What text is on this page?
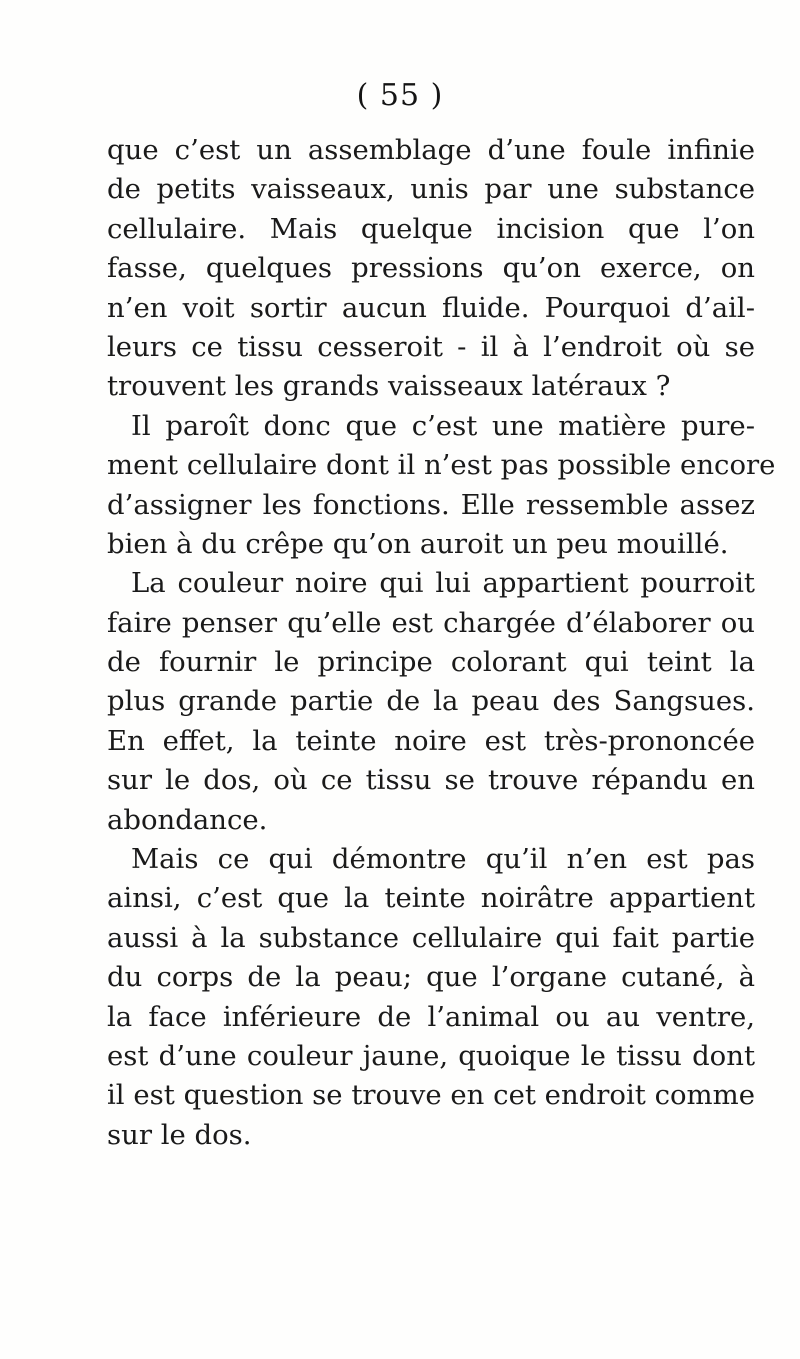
( 55 )
que c’est un assemblage d’une foule infinie
de petits vaisseaux, unis par une substance
cellulaire. Mais quelque incision que l’on
fasse, quelques pressions qu’on exerce, on
n’en voit sortir aucun fluide. Pourquoi d’ail-
leurs ce tissu cesseroit - il à l’endroit où se
trouvent les grands vaisseaux latéraux ?
Il paroît donc que c’est une matière pure-
ment cellulaire dont il n’est pas possible encore
d’assigner les fonctions. Elle ressemble assez
bien à du crêpe qu’on auroit un peu mouillé.
La couleur noire qui lui appartient pourroit
faire penser qu’elle est chargée d’élaborer ou
de fournir le principe colorant qui teint la
plus grande partie de la peau des Sangsues.
En effet, la teinte noire est très-prononcée
sur le dos, où ce tissu se trouve répandu en
abondance.
Mais ce qui démontre qu’il n’en est pas
ainsi, c’est que la teinte noirâtre appartient
aussi à la substance cellulaire qui fait partie
du corps de la peau; que l’organe cutané, à
la face inférieure de l’animal ou au ventre,
est d’une couleur jaune, quoique le tissu dont
il est question se trouve en cet endroit comme
sur le dos.
